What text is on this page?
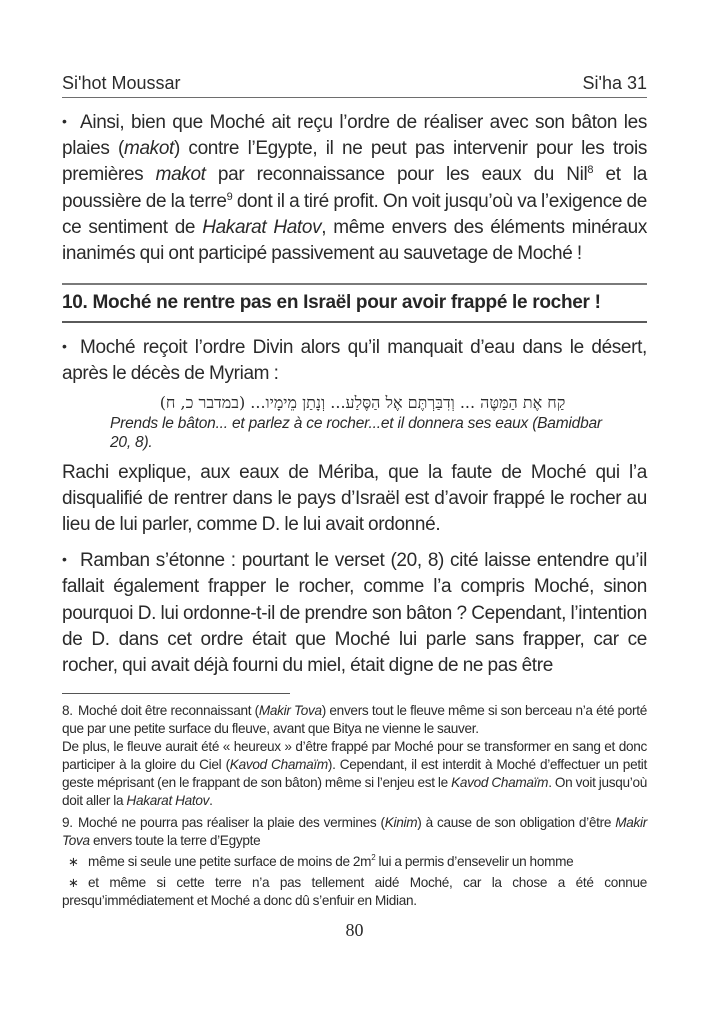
Si'hot Moussar	Si'ha 31

• Ainsi, bien que Moché ait reçu l’ordre de réaliser avec son bâton les plaies (makot) contre l’Egypte, il ne peut pas intervenir pour les trois premières makot par reconnaissance pour les eaux du Nil$^8$ et la poussière de la terre$^9$ dont il a tiré profit. On voit jusqu’où va l’exigence de ce sentiment de Hakarat Hatov, même envers des éléments minéraux inanimés qui ont participé passivement au sauvetage de Moché !

10. Moché ne rentre pas en Israël pour avoir frappé le rocher !

• Moché reçoit l’ordre Divin alors qu’il manquait d’eau dans le désert, après le décès de Myriam :

קַח אֶת הַמַּטֶּה ... וְדִבַּרְתֶּם אֶל הַסֶּלַע... וְנָתַן מֵימָיו... (במדבר כ, ח)
Prends le bâton... et parlez à ce rocher...et il donnera ses eaux (Bamidbar 20, 8).

Rachi explique, aux eaux de Mériba, que la faute de Moché qui l’a disqualifié de rentrer dans le pays d’Israël est d’avoir frappé le rocher au lieu de lui parler, comme D. le lui avait ordonné.

• Ramban s’étonne : pourtant le verset (20, 8) cité laisse entendre qu’il fallait également frapper le rocher, comme l’a compris Moché, sinon pourquoi D. lui ordonne-t-il de prendre son bâton ? Cependant, l’intention de D. dans cet ordre était que Moché lui parle sans frapper, car ce rocher, qui avait déjà fourni du miel, était digne de ne pas être

8. Moché doit être reconnaissant (Makir Tova) envers tout le fleuve même si son berceau n’a été porté que par une petite surface du fleuve, avant que Bitya ne vienne le sauver.
De plus, le fleuve aurait été « heureux » d’être frappé par Moché pour se transformer en sang et donc participer à la gloire du Ciel (Kavod Chamaïm). Cependant, il est interdit à Moché d’effectuer un petit geste méprisant (en le frappant de son bâton) même si l’enjeu est le Kavod Chamaïm. On voit jusqu’où doit aller la Hakarat Hatov.
9. Moché ne pourra pas réaliser la plaie des vermines (Kinim) à cause de son obligation d’être Makir Tova envers toute la terre d’Egypte
∗ même si seule une petite surface de moins de $2m^2$ lui a permis d’ensevelir un homme
∗ et même si cette terre n’a pas tellement aidé Moché, car la chose a été connue presqu’immédiatement et Moché a donc dû s’enfuir en Midian.
80
